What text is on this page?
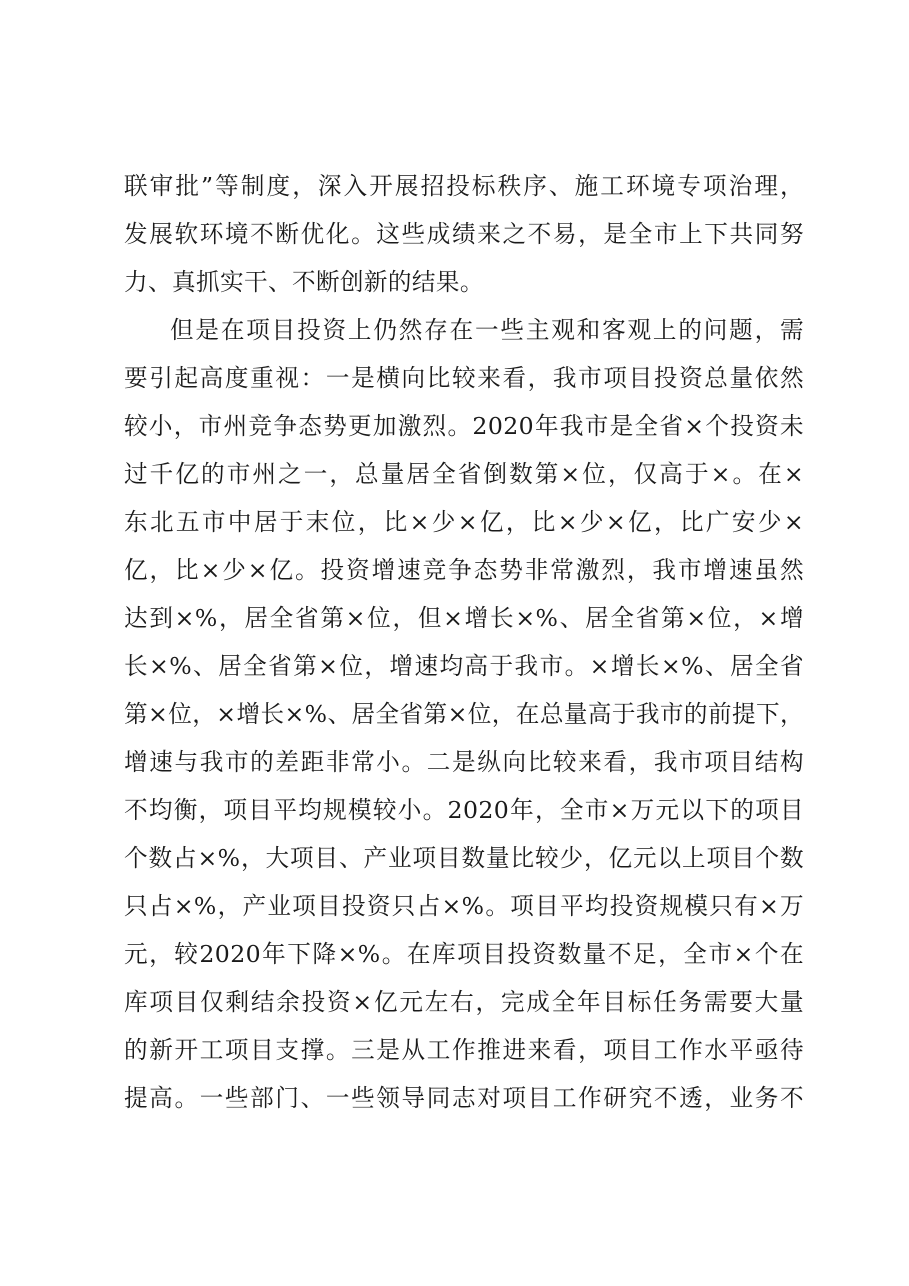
联审批”等制度，深入开展招投标秩序、施工环境专项治理，
发展软环境不断优化。这些成绩来之不易，是全市上下共同努
力、真抓实干、不断创新的结果。
但是在项目投资上仍然存在一些主观和客观上的问题，需
要引起高度重视：一是横向比较来看，我市项目投资总量依然
较小，市州竞争态势更加激烈。2020年我市是全省×个投资未
过千亿的市州之一，总量居全省倒数第×位，仅高于×。在×
东北五市中居于末位，比×少×亿，比×少×亿，比广安少×
亿，比×少×亿。投资增速竞争态势非常激烈，我市增速虽然
达到×%，居全省第×位，但×增长×%、居全省第×位，×增
长×%、居全省第×位，增速均高于我市。×增长×%、居全省
第×位，×增长×%、居全省第×位，在总量高于我市的前提下，
增速与我市的差距非常小。二是纵向比较来看，我市项目结构
不均衡，项目平均规模较小。2020年，全市×万元以下的项目
个数占×%，大项目、产业项目数量比较少，亿元以上项目个数
只占×%，产业项目投资只占×%。项目平均投资规模只有×万
元，较2020年下降×%。在库项目投资数量不足，全市×个在
库项目仅剩结余投资×亿元左右，完成全年目标任务需要大量
的新开工项目支撑。三是从工作推进来看，项目工作水平亟待
提高。一些部门、一些领导同志对项目工作研究不透，业务不
